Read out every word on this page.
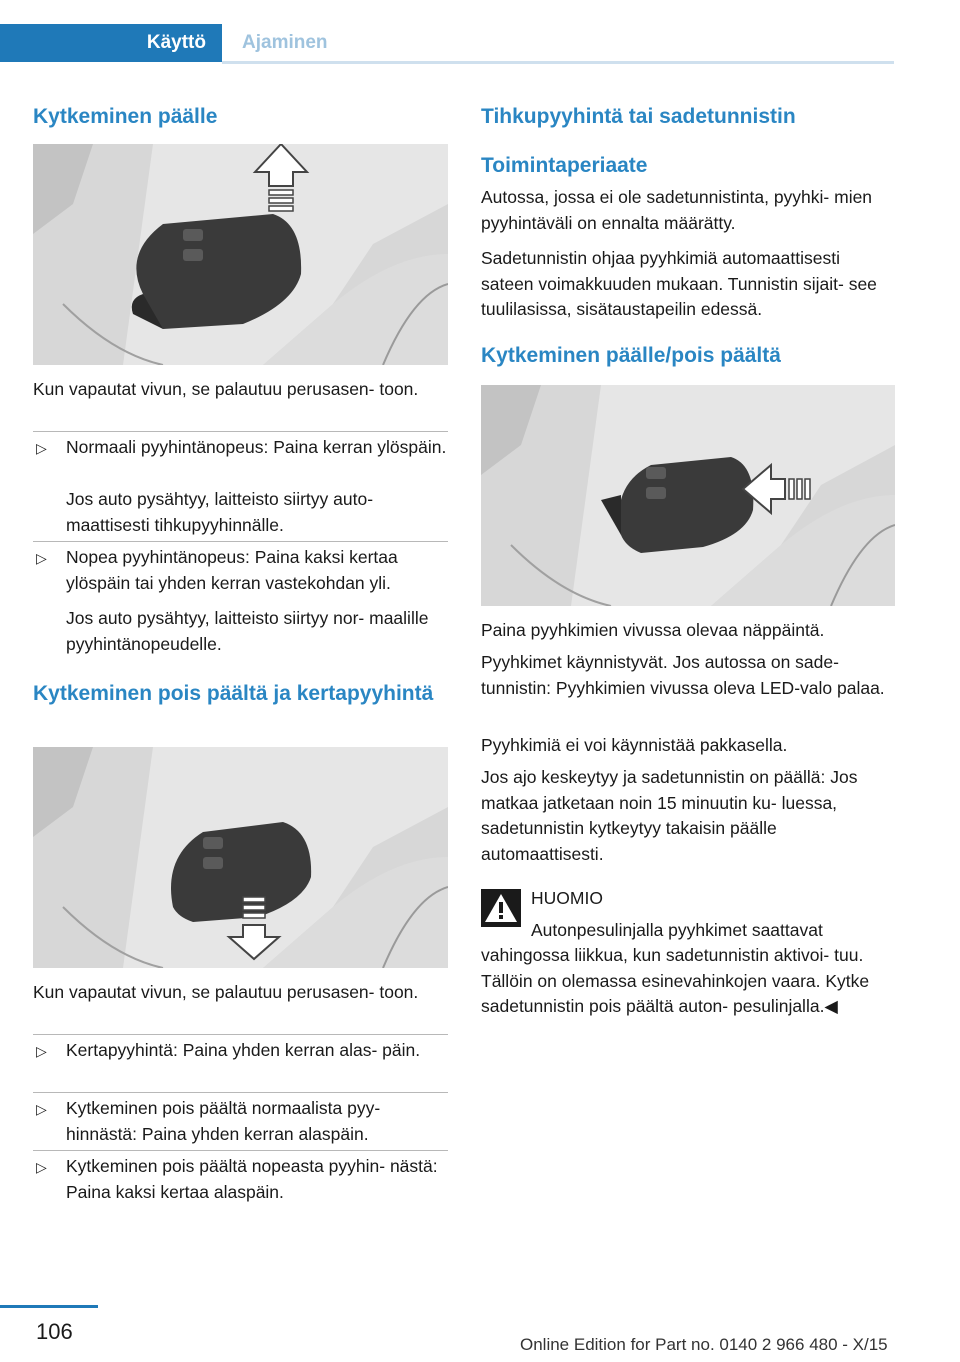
Käyttö	Ajaminen
Kytkeminen päälle

Kun vapautat vivun, se palautuu perusasen‐ toon.

▷ Normaali pyyhintänopeus: Paina kerran ylöspäin.

Jos auto pysähtyy, laitteisto siirtyy auto‐ maattisesti tihkupyyhinnälle.

▷ Nopea pyyhintänopeus: Paina kaksi kertaa ylöspäin tai yhden kerran vastekohdan yli.

Jos auto pysähtyy, laitteisto siirtyy nor‐ maalille pyyhintänopeudelle.

Kytkeminen pois päältä ja kertapyyhintä

Kun vapautat vivun, se palautuu perusasen‐ toon.

▷ Kertapyyhintä: Paina yhden kerran alas‐ päin.

▷ Kytkeminen pois päältä normaalista pyy‐ hinnästä: Paina yhden kerran alaspäin.

▷ Kytkeminen pois päältä nopeasta pyyhin‐ nästä: Paina kaksi kertaa alaspäin.

Tihkupyyhintä tai sadetunnistin
Toimintaperiaate

Autossa, jossa ei ole sadetunnistinta, pyyhki‐ mien pyyhintäväli on ennalta määrätty.

Sadetunnistin ohjaa pyyhkimiä automaattisesti sateen voimakkuuden mukaan. Tunnistin sijait‐ see tuulilasissa, sisätaustapeilin edessä.

Kytkeminen päälle/pois päältä

Paina pyyhkimien vivussa olevaa näppäintä.

Pyyhkimet käynnistyvät. Jos autossa on sade‐ tunnistin: Pyyhkimien vivussa oleva LED-valo palaa.

Pyyhkimiä ei voi käynnistää pakkasella.

Jos ajo keskeytyy ja sadetunnistin on päällä: Jos matkaa jatketaan noin 15 minuutin ku‐ luessa, sadetunnistin kytkeytyy takaisin päälle automaattisesti.

HUOMIO

Autonpesulinjalla pyyhkimet saattavat

vahingossa liikkua, kun sadetunnistin aktivoi‐ tuu. Tällöin on olemassa esinevahinkojen vaara. Kytke sadetunnistin pois päältä auton‐ pesulinjalla.◀

106
Online Edition for Part no. 0140 2 966 480 - X/15
